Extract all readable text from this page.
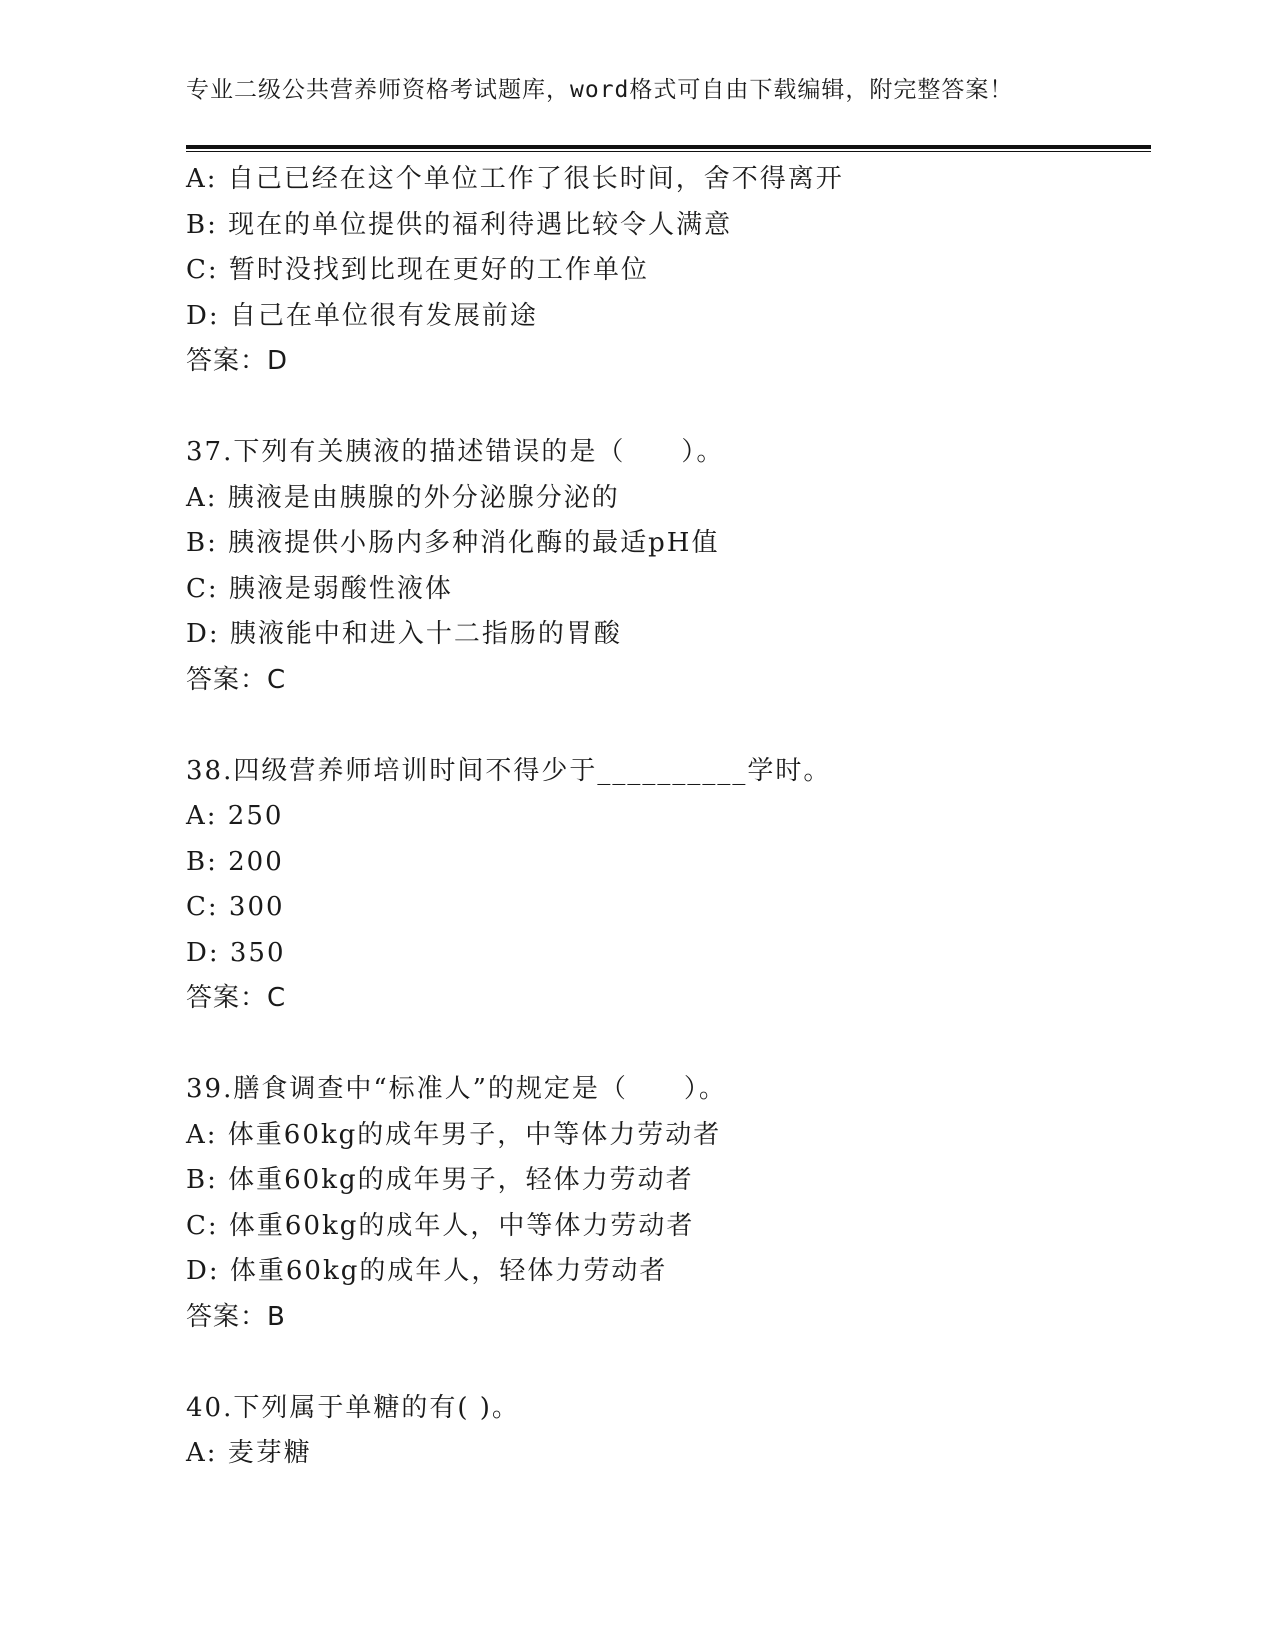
专业二级公共营养师资格考试题库，word格式可自由下载编辑，附完整答案！
A: 自己已经在这个单位工作了很长时间，舍不得离开
B: 现在的单位提供的福利待遇比较令人满意
C: 暂时没找到比现在更好的工作单位
D: 自己在单位很有发展前途
答案：D
37.下列有关胰液的描述错误的是（　　）。
A: 胰液是由胰腺的外分泌腺分泌的
B: 胰液提供小肠内多种消化酶的最适pH值
C: 胰液是弱酸性液体
D: 胰液能中和进入十二指肠的胃酸
答案：C
38.四级营养师培训时间不得少于__________学时。
A: 250
B: 200
C: 300
D: 350
答案：C
39.膳食调查中“标准人”的规定是（　　）。
A: 体重60kg的成年男子，中等体力劳动者
B: 体重60kg的成年男子，轻体力劳动者
C: 体重60kg的成年人，中等体力劳动者
D: 体重60kg的成年人，轻体力劳动者
答案：B
40.下列属于单糖的有( )。
A: 麦芽糖
